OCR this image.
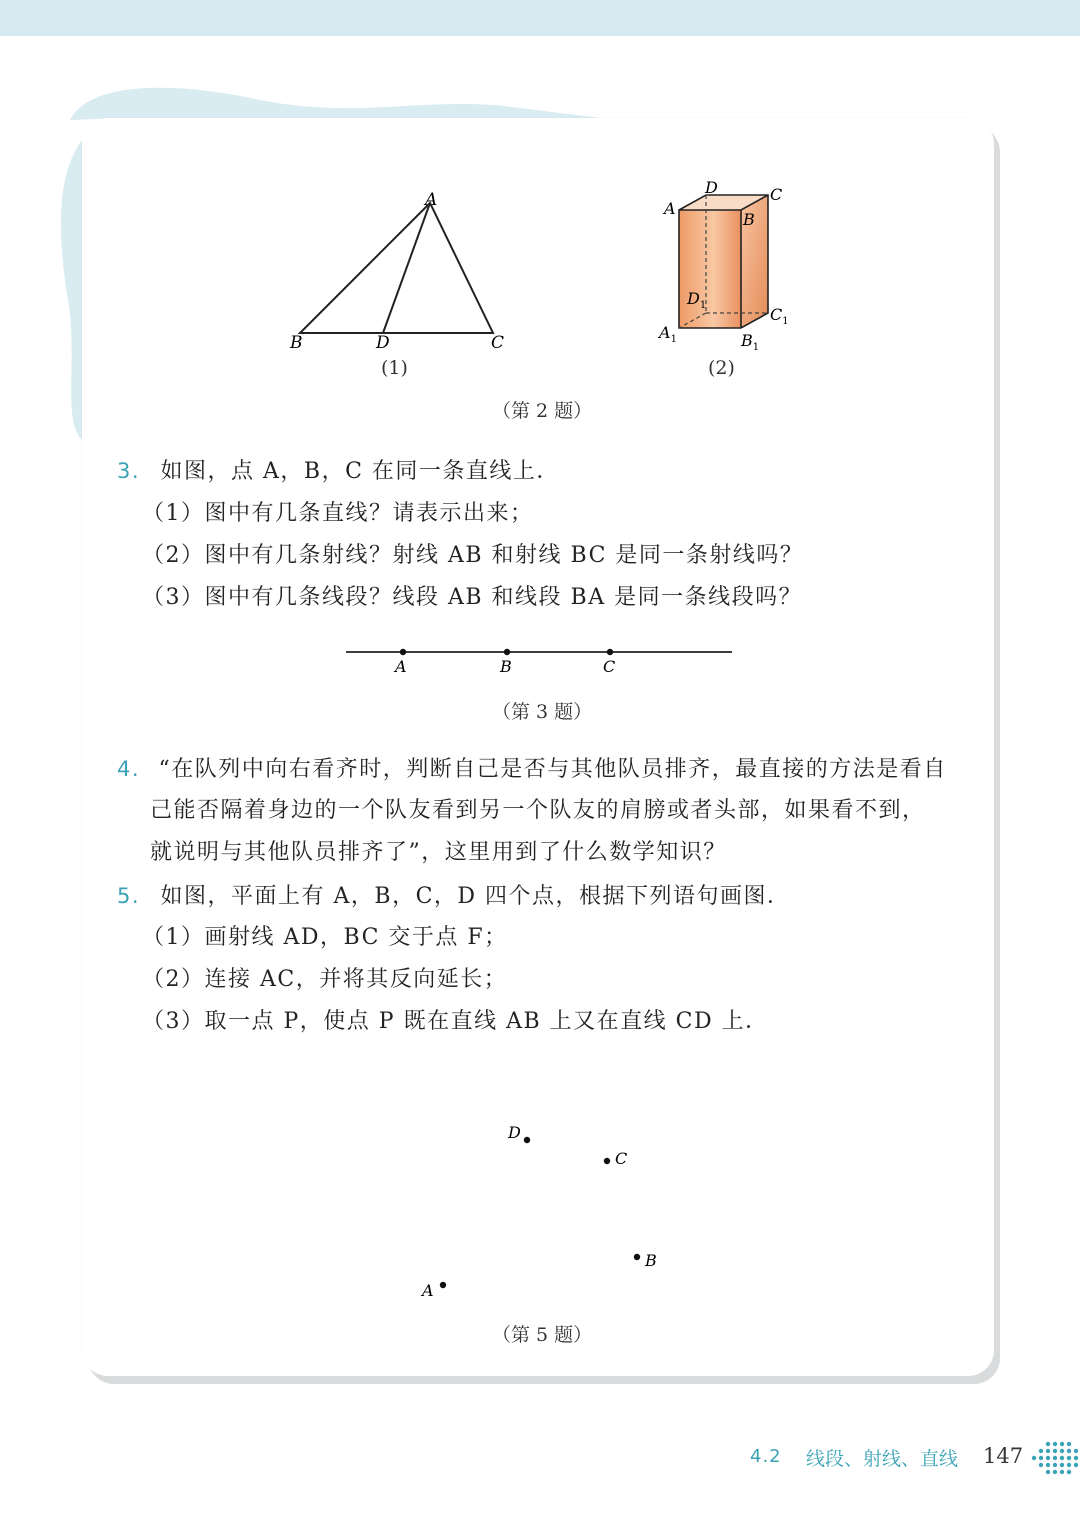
A
B	D	C
(1)
D	C
A
B
$D_1$	$C_1$
$A_1$	$B_1$
(2)
（第 2 题）
3. 如图，点 A，B，C 在同一条直线上．
（1）图中有几条直线？请表示出来；
（2）图中有几条射线？射线 AB 和射线 BC 是同一条射线吗？
（3）图中有几条线段？线段 AB 和线段 BA 是同一条线段吗？
A	B	C
（第 3 题）
4. “在队列中向右看齐时，判断自己是否与其他队员排齐，最直接的方法是看自
己能否隔着身边的一个队友看到另一个队友的肩膀或者头部，如果看不到，
就说明与其他队员排齐了”，这里用到了什么数学知识？
5. 如图，平面上有 A，B，C，D 四个点，根据下列语句画图．
（1）画射线 AD，BC 交于点 F；
（2）连接 AC，并将其反向延长；
（3）取一点 P，使点 P 既在直线 AB 上又在直线 CD 上．
D
C
B
A
（第 5 题）
4.2 线段、射线、直线 147
